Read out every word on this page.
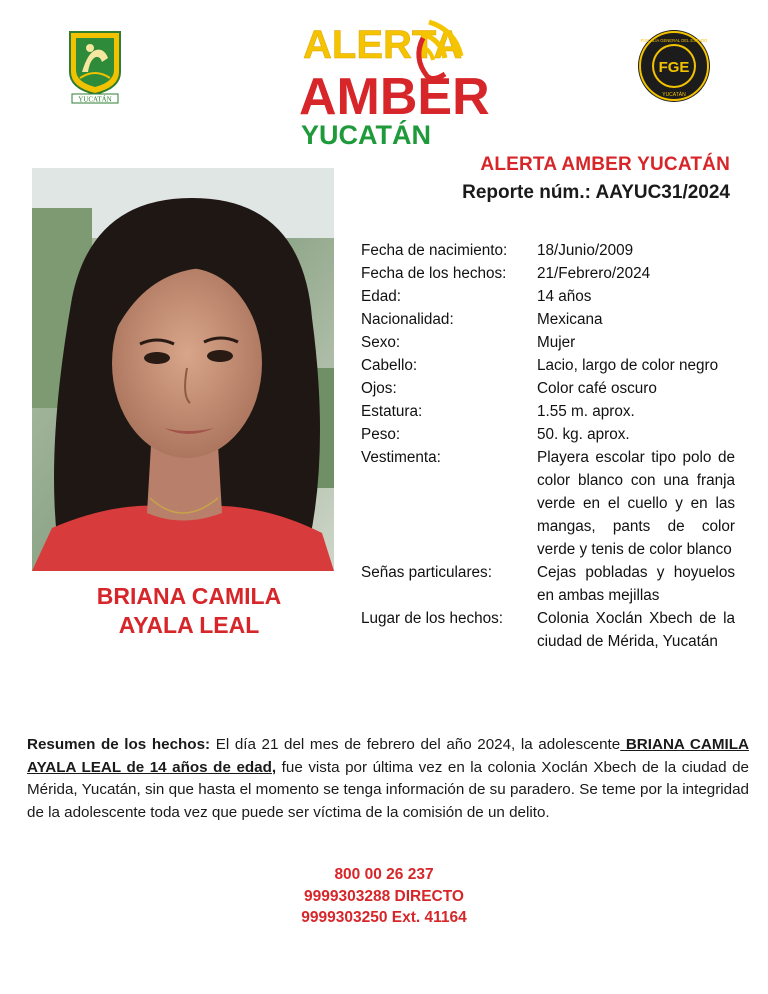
YUCATÁN
ALERTA
AMBER
YUCATÁN
FGE
FISCALÍA GENERAL DEL ESTADO
YUCATÁN
ALERTA AMBER YUCATÁN
Reporte núm.: AAYUC31/2024
BRIANA CAMILA
AYALA LEAL
Fecha de nacimiento:	18/Junio/2009
Fecha de los hechos:	21/Febrero/2024
Edad:	14 años
Nacionalidad:	Mexicana
Sexo:	Mujer
Cabello:	Lacio, largo de color negro
Ojos:	Color café oscuro
Estatura:	1.55 m. aprox.
Peso:	50. kg. aprox.
Vestimenta:	Playera escolar tipo polo de color blanco con una franja verde en el cuello y en las mangas, pants de color verde y tenis de color blanco
Señas particulares:	Cejas pobladas y hoyuelos en ambas mejillas
Lugar de los hechos:	Colonia Xoclán Xbech de la ciudad de Mérida, Yucatán
Resumen de los hechos: El día 21 del mes de febrero del año 2024, la adolescente BRIANA CAMILA AYALA LEAL de 14 años de edad, fue vista por última vez en la colonia Xoclán Xbech de la ciudad de Mérida, Yucatán, sin que hasta el momento se tenga información de su paradero. Se teme por la integridad de la adolescente toda vez que puede ser víctima de la comisión de un delito.
800 00 26 237
9999303288 DIRECTO
9999303250 Ext. 41164
